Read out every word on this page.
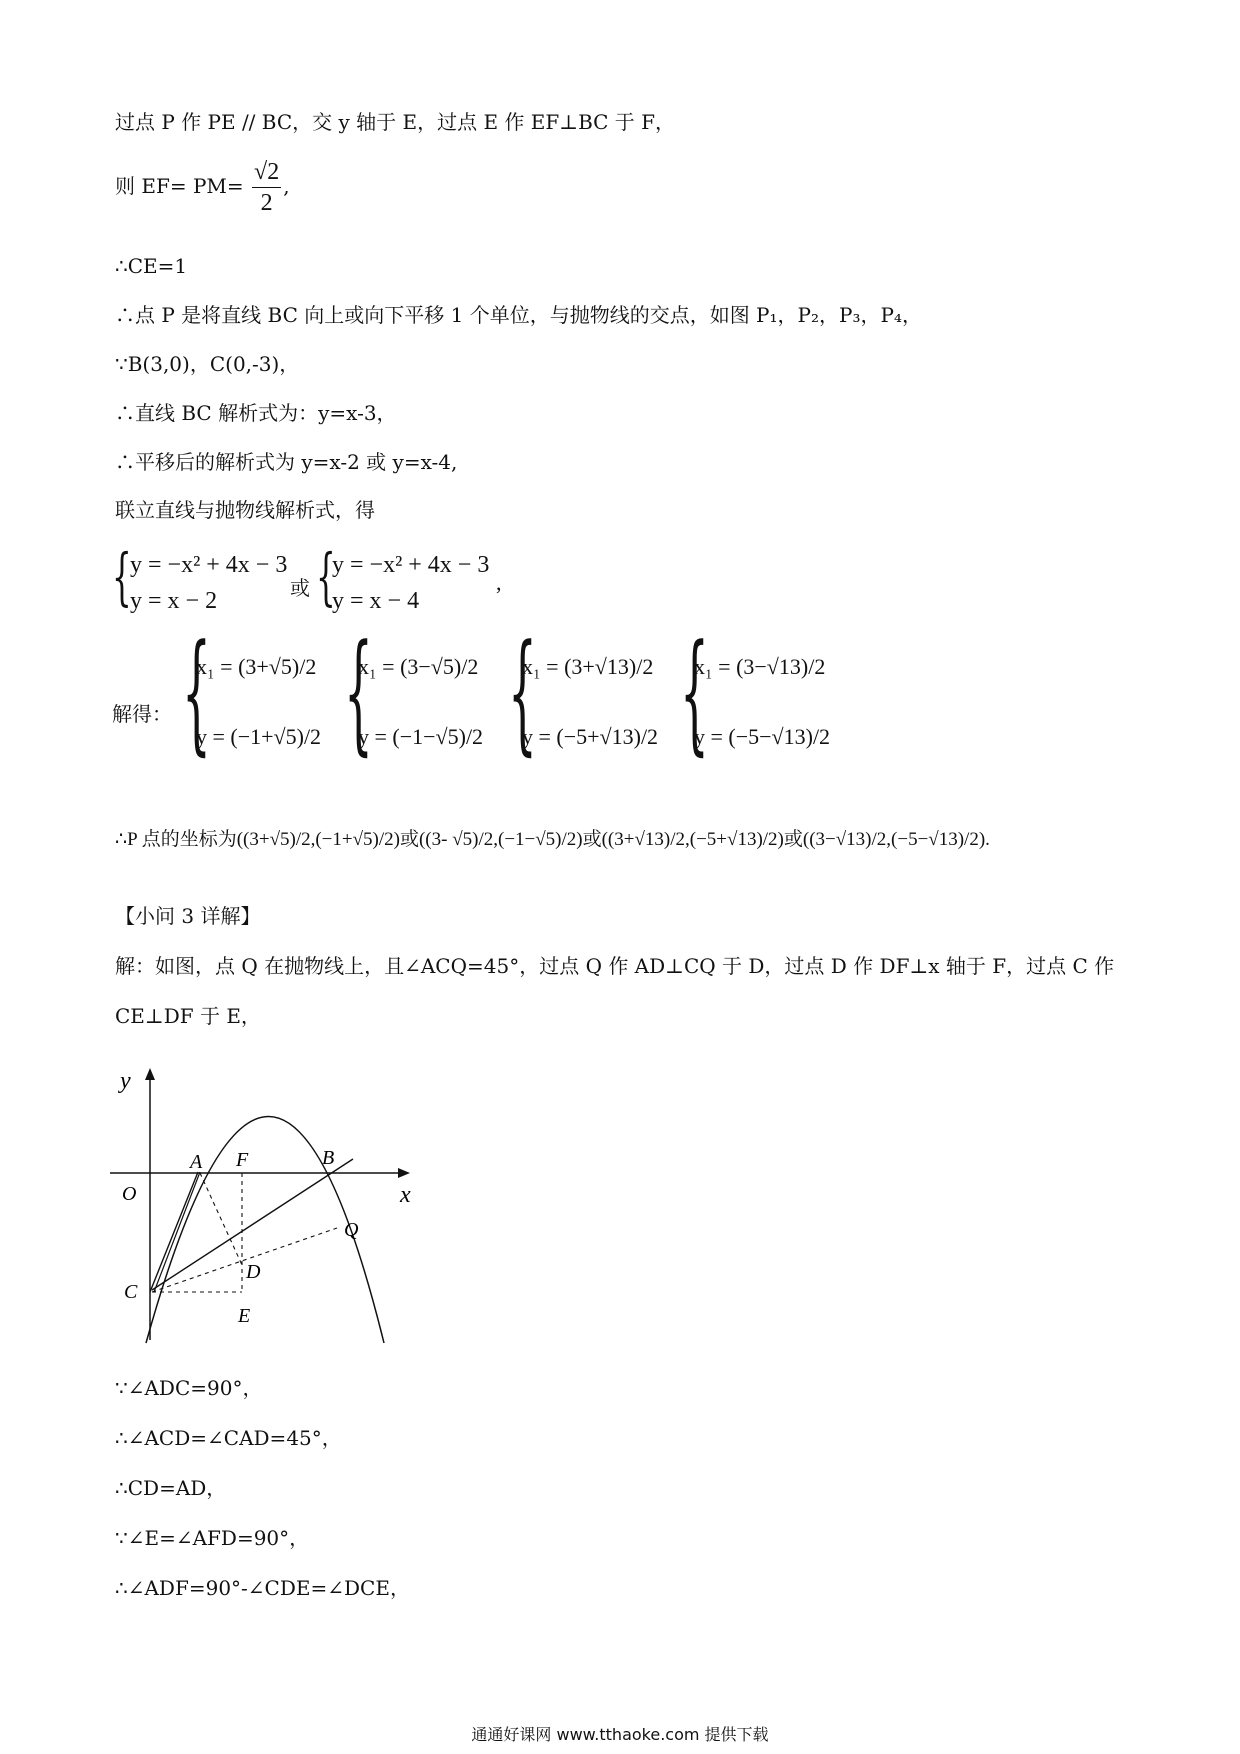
过点 P 作 PE // BC，交 y 轴于 E，过点 E 作 EF⊥BC 于 F，
则 $EF= PM= \frac{√2}{2}$ ,
∴CE=1
∴点 P 是将直线 BC 向上或向下平移 1 个单位，与抛物线的交点，如图 P₁，P₂，P₃，P₄，
∵B(3,0)，C(0,-3)，
∴直线 BC 解析式为：y=x-3，
∴平移后的解析式为 y=x-2 或 y=x-4,
联立直线与抛物线解析式，得
{
y = −x² + 4x − 3
y = x − 2	或 {
y = −x² + 4x − 3
y = x − 4
,
解得： {
x₁ = (3+√5)/2
y = (−1+√5)/2 {
x₁ = (3−√5)/2
y = (−1−√5)/2 {
x₁ = (3+√13)/2
y = (−5+√13)/2 {
x₁ = (3−√13)/2
y = (−5−√13)/2
∴P 点的坐标为((3+√5)/2,(−1+√5)/2)或((3- √5)/2,(−1−√5)/2)或((3+√13)/2,(−5+√13)/2)或((3−√13)/2,(−5−√13)/2).
【小问 3 详解】
解：如图，点 Q 在抛物线上，且∠ACQ=45°，过点 Q 作 AD⊥CQ 于 D，过点 D 作 DF⊥x 轴于 F，过点 C 作
CE⊥DF 于 E，
y
x
O
A F	B
Q
D
C
E
∵∠ADC=90°，
∴∠ACD=∠CAD=45°，
∴CD=AD，
∵∠E=∠AFD=90°，
∴∠ADF=90°-∠CDE=∠DCE，
通通好课网 www.tthaoke.com 提供下载
